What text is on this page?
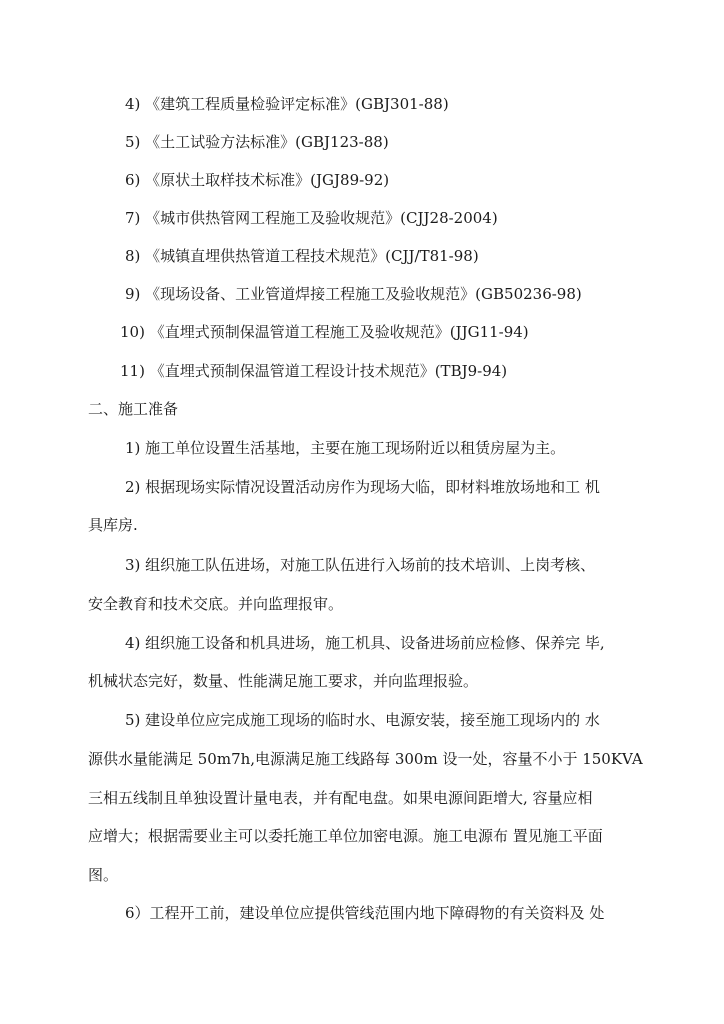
4) 《建筑工程质量检验评定标准》(GBJ301-88)
5) 《土工试验方法标准》(GBJ123-88)
6) 《原状土取样技术标准》(JGJ89-92)
7) 《城市供热管网工程施工及验收规范》(CJJ28-2004)
8) 《城镇直埋供热管道工程技术规范》(CJJ/T81-98)
9) 《现场设备、工业管道焊接工程施工及验收规范》(GB50236-98)
10) 《直埋式预制保温管道工程施工及验收规范》(JJG11-94)
11) 《直埋式预制保温管道工程设计技术规范》(TBJ9-94)
二、施工准备
1) 施工单位设置生活基地，主要在施工现场附近以租赁房屋为主。
2) 根据现场实际情况设置活动房作为现场大临，即材料堆放场地和工 机
具库房.
3) 组织施工队伍进场，对施工队伍进行入场前的技术培训、上岗考核、
安全教育和技术交底。并向监理报审。
4) 组织施工设备和机具进场，施工机具、设备进场前应检修、保养完 毕,
机械状态完好，数量、性能满足施工要求，并向监理报验。
5) 建设单位应完成施工现场的临时水、电源安装，接至施工现场内的 水
源供水量能满足 50m7h,电源满足施工线路每 300m 设一处，容量不小于 150KVA
三相五线制且单独设置计量电表，并有配电盘。如果电源间距增大, 容量应相
应增大；根据需要业主可以委托施工单位加密电源。施工电源布 置见施工平面
图。
6）工程开工前，建设单位应提供管线范围内地下障碍物的有关资料及 处
